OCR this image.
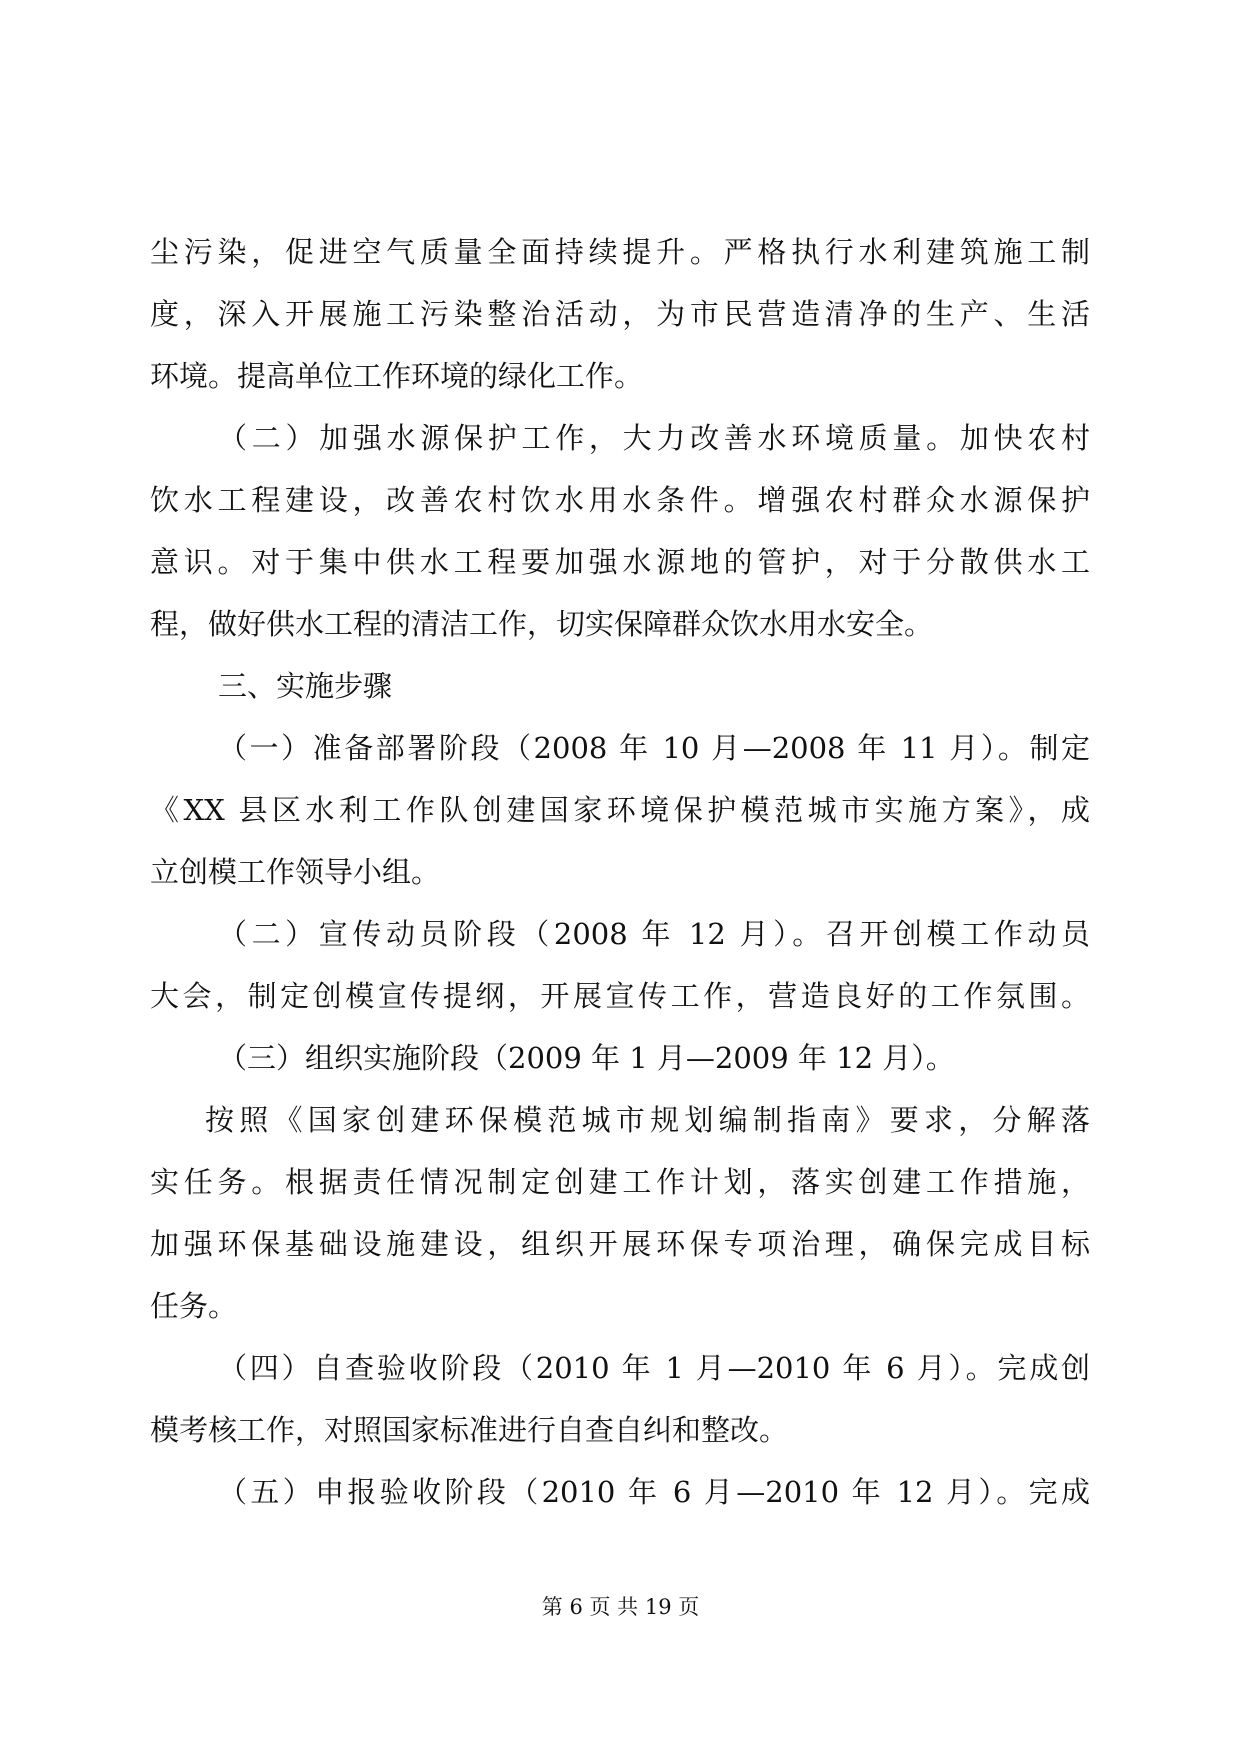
尘污染，促进空气质量全面持续提升。严格执行水利建筑施工制
度，深入开展施工污染整治活动，为市民营造清净的生产、生活
环境。提高单位工作环境的绿化工作。
（二）加强水源保护工作，大力改善水环境质量。加快农村
饮水工程建设，改善农村饮水用水条件。增强农村群众水源保护
意识。对于集中供水工程要加强水源地的管护，对于分散供水工
程，做好供水工程的清洁工作，切实保障群众饮水用水安全。
三、实施步骤
（一）准备部署阶段（2008 年 10 月—2008 年 11 月）。制定
《XX 县区水利工作队创建国家环境保护模范城市实施方案》，成
立创模工作领导小组。
（二）宣传动员阶段（2008 年 12 月）。召开创模工作动员
大会，制定创模宣传提纲，开展宣传工作，营造良好的工作氛围。
（三）组织实施阶段（2009 年 1 月—2009 年 12 月）。
按照《国家创建环保模范城市规划编制指南》要求，分解落
实任务。根据责任情况制定创建工作计划，落实创建工作措施，
加强环保基础设施建设，组织开展环保专项治理，确保完成目标
任务。
（四）自查验收阶段（2010 年 1 月—2010 年 6 月）。完成创
模考核工作，对照国家标准进行自查自纠和整改。
（五）申报验收阶段（2010 年 6 月—2010 年 12 月）。完成
第 6 页 共 19 页
